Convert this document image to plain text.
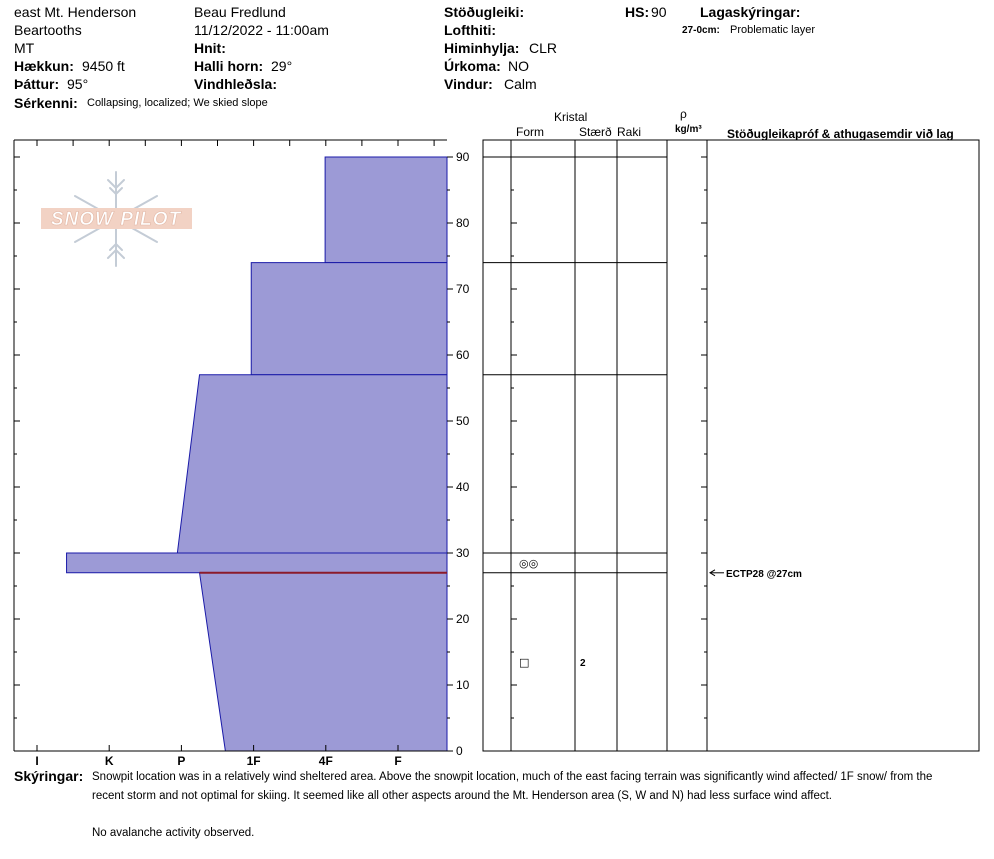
east Mt. Henderson
Beartooths
MT
Hækkun: 9450 ft
Þáttur: 95°
Sérkenni: Collapsing, localized; We skied slope
Beau Fredlund
11/12/2022 - 11:00am
Hnit:
Halli horn: 29°
Vindhleðsla:
Stöðugleiki:
Lofthiti:
Himinhylja: CLR
Úrkoma: NO
Vindur: Calm
HS: 90 Lagaskýringar:
27-0cm: Problematic layer
Kristal
Form	Stærð Raki
ρ
kg/m³ Stöðugleikapróf & athugasemdir við lag
SNOW PILOT
I	K	P	1F	4F	F
0
10
20
30
40
50
60
70
80
90
◎◎
□	2
ECTP28 @27cm
Skýringar: Snowpit location was in a relatively wind sheltered area. Above the snowpit location, much of the east facing terrain was significantly wind affected/ 1F snow/ from the

recent storm and not optimal for skiing. It seemed like all other aspects around the Mt. Henderson area (S, W and N) had less surface wind affect.

No avalanche activity observed.
